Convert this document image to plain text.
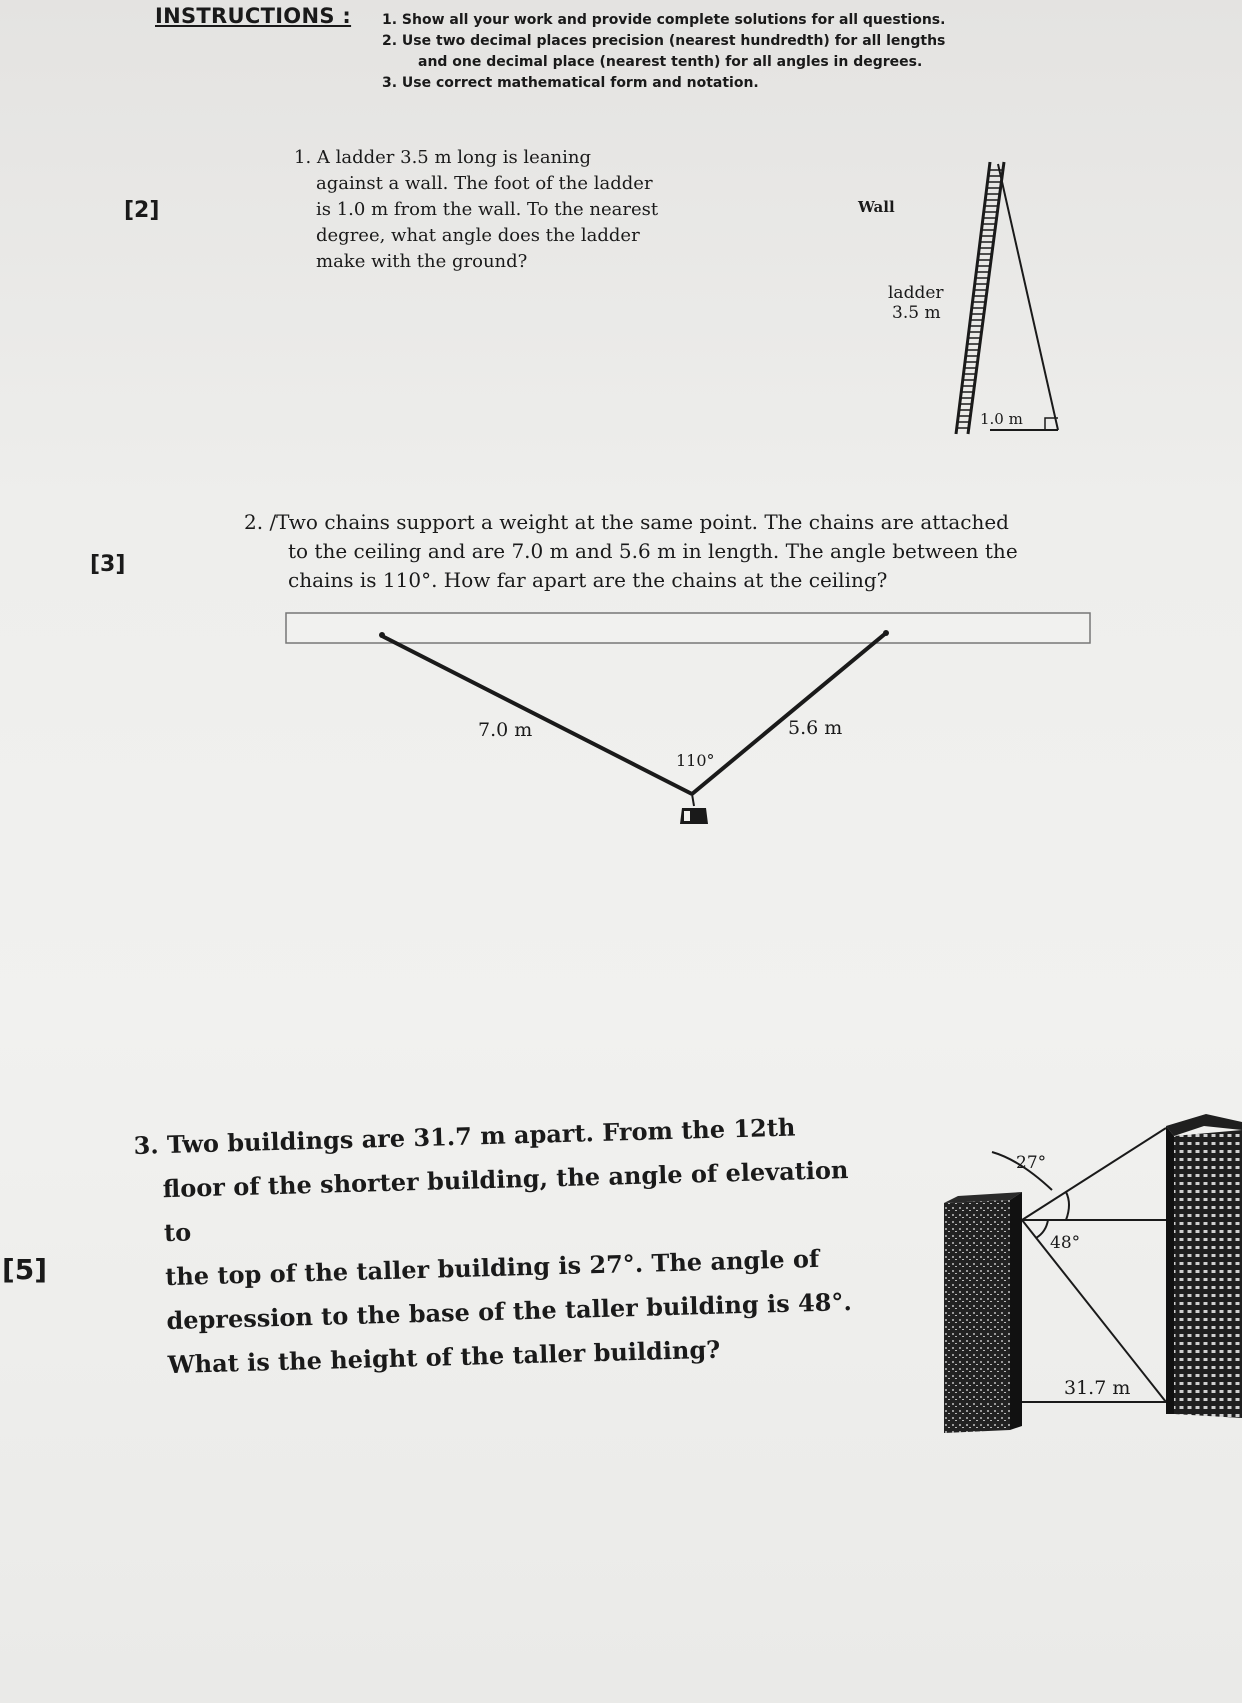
INSTRUCTIONS : 1. Show all your work and provide complete solutions for all questions.
2. Use two decimal places precision (nearest hundredth) for all lengths
and one decimal place (nearest tenth) for all angles in degrees.
3. Use correct mathematical form and notation.
[2]
1. A ladder 3.5 m long is leaning
against a wall. The foot of the ladder
is 1.0 m from the wall. To the nearest
degree, what angle does the ladder
make with the ground?
Wall
ladder
3.5 m
1.0 m
[3]
2. /Two chains support a weight at the same point. The chains are attached
to the ceiling and are 7.0 m and 5.6 m in length. The angle between the
chains is 110°. How far apart are the chains at the ceiling?
7.0 m	5.6 m
110°
[5]
3. Two buildings are 31.7 m apart. From the 12th
floor of the shorter building, the angle of elevation to
the top of the taller building is 27°. The angle of
depression to the base of the taller building is 48°.
What is the height of the taller building?
27°
48°
31.7 m
